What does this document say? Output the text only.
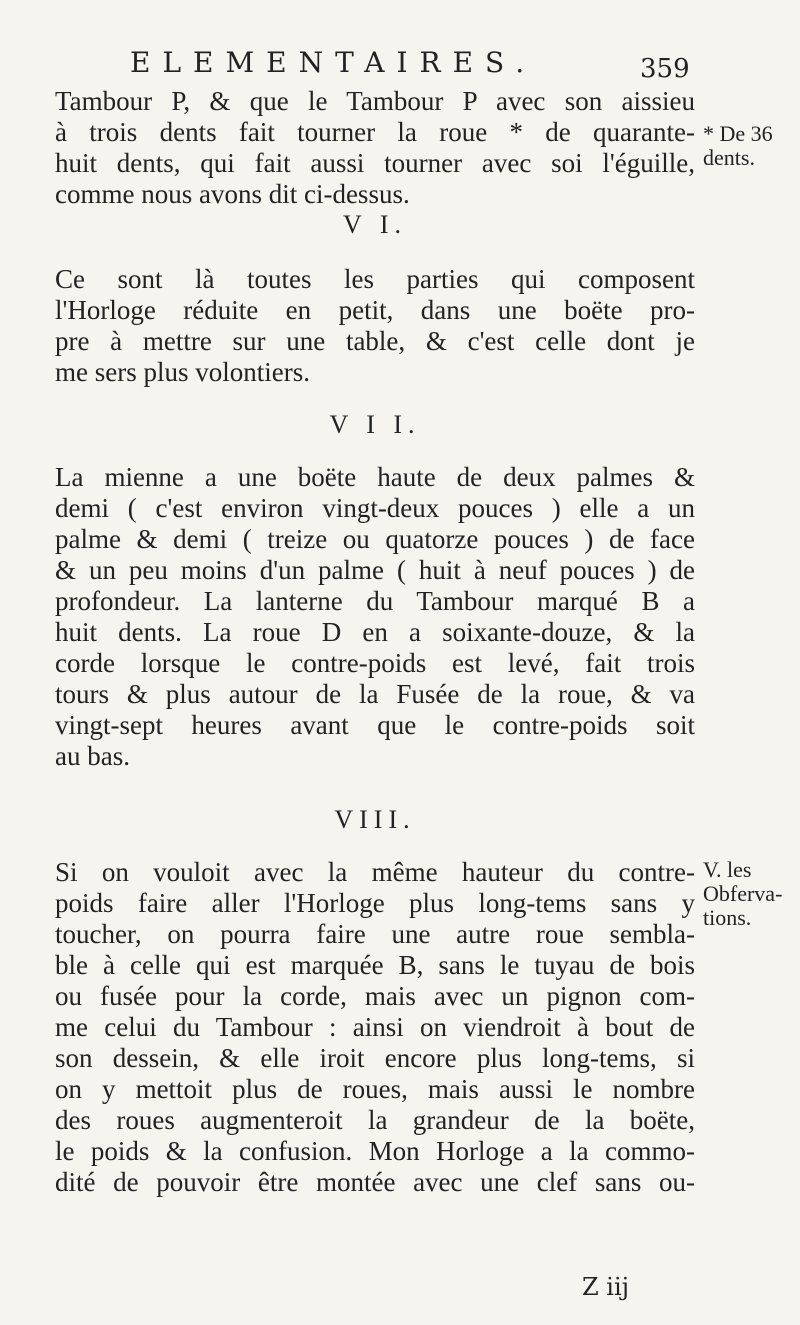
ELEMENTAIRES.	359
Tambour P, & que le Tambour P avec son aissieu
à trois dents fait tourner la roue * de quarante-
huit dents, qui fait aussi tourner avec soi l'éguille,
comme nous avons dit ci-dessus.
V I.
Ce sont là toutes les parties qui composent
l'Horloge réduite en petit, dans une boëte pro-
pre à mettre sur une table, & c'est celle dont je
me sers plus volontiers.
V I I.
La mienne a une boëte haute de deux palmes &
demi ( c'est environ vingt-deux pouces ) elle a un
palme & demi ( treize ou quatorze pouces ) de face
& un peu moins d'un palme ( huit à neuf pouces ) de
profondeur. La lanterne du Tambour marqué B a
huit dents. La roue D en a soixante-douze, & la
corde lorsque le contre-poids est levé, fait trois
tours & plus autour de la Fusée de la roue, & va
vingt-sept heures avant que le contre-poids soit
au bas.
VIII.
Si on vouloit avec la même hauteur du contre-
poids faire aller l'Horloge plus long-tems sans y
toucher, on pourra faire une autre roue sembla-
ble à celle qui est marquée B, sans le tuyau de bois
ou fusée pour la corde, mais avec un pignon com-
me celui du Tambour : ainsi on viendroit à bout de
son dessein, & elle iroit encore plus long-tems, si
on y mettoit plus de roues, mais aussi le nombre
des roues augmenteroit la grandeur de la boëte,
le poids & la confusion. Mon Horloge a la commo-
dité de pouvoir être montée avec une clef sans ou-
* De 36 dents.
V. les Obferva-tions.
Z iij
